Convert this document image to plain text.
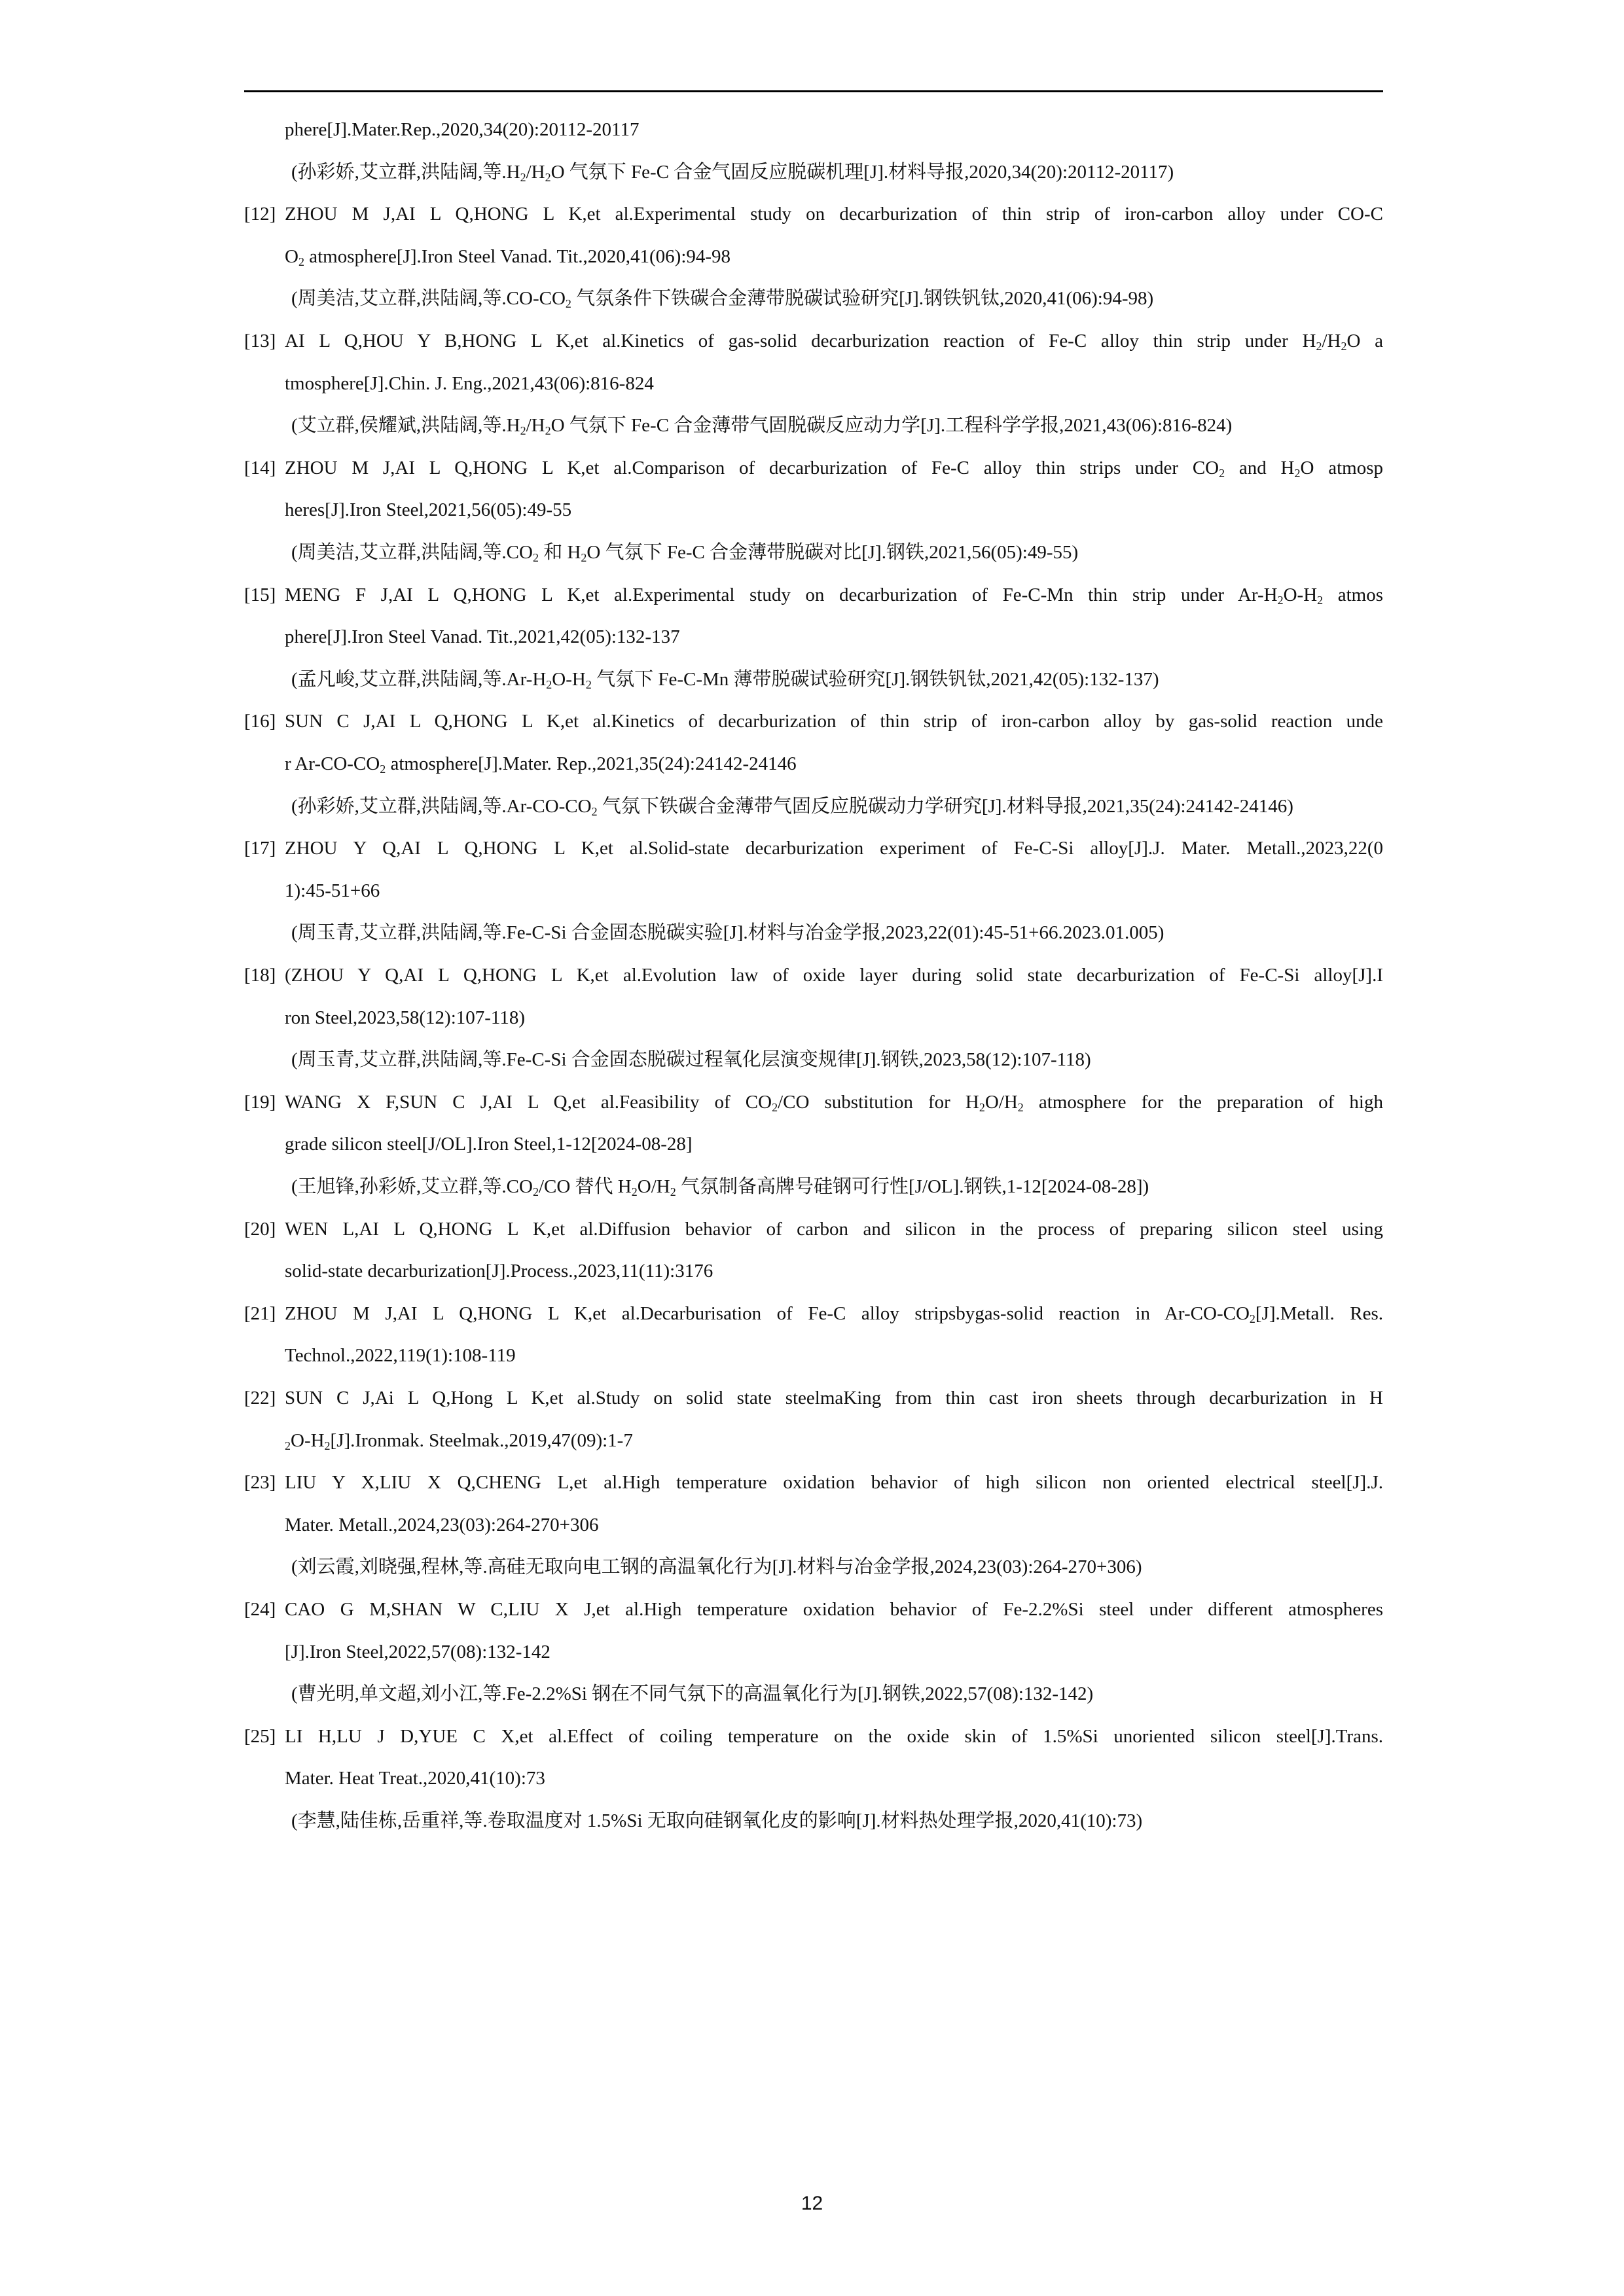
phere[J].Mater.Rep.,2020,34(20):20112-20117
(孙彩娇,艾立群,洪陆阔,等$.H_2/H_2O$ 气氛下 Fe-C 合金气固反应脱碳机理[J].材料导报,2020,34(20):20112-20117)
[12] ZHOU M J,AI L Q,HONG L K,et al.Experimental study on decarburization of thin strip of iron-carbon alloy under CO-C
$O_2$ atmosphere[J].Iron Steel Vanad. Tit.,2020,41(06):94-98
(周美洁,艾立群,洪陆阔,等$.CO-CO_2$ 气氛条件下铁碳合金薄带脱碳试验研究[J].钢铁钒钛,2020,41(06):94-98)
[13] AI L Q,HOU Y B,HONG L K,et al.Kinetics of gas-solid decarburization reaction of Fe-C alloy thin strip under $H_2/H_2O$ a
tmosphere[J].Chin. J. Eng.,2021,43(06):816-824
(艾立群,侯耀斌,洪陆阔,等$.H_2/H_2O$ 气氛下 Fe-C 合金薄带气固脱碳反应动力学[J].工程科学学报,2021,43(06):816-824)
[14] ZHOU M J,AI L Q,HONG L K,et al.Comparison of decarburization of Fe-C alloy thin strips under $CO_2$ and $H_2O$ atmosp
heres[J].Iron Steel,2021,56(05):49-55
(周美洁,艾立群,洪陆阔,等$.CO_2$ 和 $H_2O$ 气氛下 Fe-C 合金薄带脱碳对比[J].钢铁,2021,56(05):49-55)
[15] MENG F J,AI L Q,HONG L K,et al.Experimental study on decarburization of Fe-C-Mn thin strip under $Ar-H_2O-H_2$ atmos
phere[J].Iron Steel Vanad. Tit.,2021,42(05):132-137
(孟凡峻,艾立群,洪陆阔,等$.Ar-H_2O-H_2$ 气氛下 Fe-C-Mn 薄带脱碳试验研究[J].钢铁钒钛,2021,42(05):132-137)
[16] SUN C J,AI L Q,HONG L K,et al.Kinetics of decarburization of thin strip of iron-carbon alloy by gas-solid reaction unde
r $Ar-CO-CO_2$ atmosphere[J].Mater. Rep.,2021,35(24):24142-24146
(孙彩娇,艾立群,洪陆阔,等$.Ar-CO-CO_2$ 气氛下铁碳合金薄带气固反应脱碳动力学研究[J].材料导报,2021,35(24):24142-24146)
[17] ZHOU Y Q,AI L Q,HONG L K,et al.Solid-state decarburization experiment of Fe-C-Si alloy[J].J. Mater. Metall.,2023,22(0
1):45-51+66
(周玉青,艾立群,洪陆阔,等.Fe-C-Si 合金固态脱碳实验[J].材料与冶金学报,2023,22(01):45-51+66.2023.01.005)
[18] (ZHOU Y Q,AI L Q,HONG L K,et al.Evolution law of oxide layer during solid state decarburization of Fe-C-Si alloy[J].I
ron Steel,2023,58(12):107-118)
(周玉青,艾立群,洪陆阔,等.Fe-C-Si 合金固态脱碳过程氧化层演变规律[J].钢铁,2023,58(12):107-118)
[19] WANG X F,SUN C J,AI L Q,et al.Feasibility of $CO_2/CO$ substitution for $H_2O/H_2$ atmosphere for the preparation of high
grade silicon steel[J/OL].Iron Steel,1-12[2024-08-28]
(王旭锋,孙彩娇,艾立群,等$.CO_2/CO$ 替代 $H_2O/H_2$ 气氛制备高牌号硅钢可行性[J/OL].钢铁,1-12[2024-08-28])
[20] WEN L,AI L Q,HONG L K,et al.Diffusion behavior of carbon and silicon in the process of preparing silicon steel using
solid-state decarburization[J].Process.,2023,11(11):3176
[21] ZHOU M J,AI L Q,HONG L K,et al.Decarburisation of Fe-C alloy stripsbygas-solid reaction in $Ar-CO-CO_2[J].Metall$. Res.
Technol.,2022,119(1):108-119
[22] SUN C J,Ai L Q,Hong L K,et al.Study on solid state steelmaKing from thin cast iron sheets through decarburization in H
$_2O-H_2[J].Ironmak$. Steelmak.,2019,47(09):1-7
[23] LIU Y X,LIU X Q,CHENG L,et al.High temperature oxidation behavior of high silicon non oriented electrical steel[J].J.
Mater. Metall.,2024,23(03):264-270+306
(刘云霞,刘晓强,程林,等.高硅无取向电工钢的高温氧化行为[J].材料与冶金学报,2024,23(03):264-270+306)
[24] CAO G M,SHAN W C,LIU X J,et al.High temperature oxidation behavior of Fe-2.2%Si steel under different atmospheres
[J].Iron Steel,2022,57(08):132-142
(曹光明,单文超,刘小江,等.Fe-2.2%Si 钢在不同气氛下的高温氧化行为[J].钢铁,2022,57(08):132-142)
[25] LI H,LU J D,YUE C X,et al.Effect of coiling temperature on the oxide skin of 1.5%Si unoriented silicon steel[J].Trans.
Mater. Heat Treat.,2020,41(10):73
(李慧,陆佳栋,岳重祥,等.卷取温度对 1.5%Si 无取向硅钢氧化皮的影响[J].材料热处理学报,2020,41(10):73)
12
